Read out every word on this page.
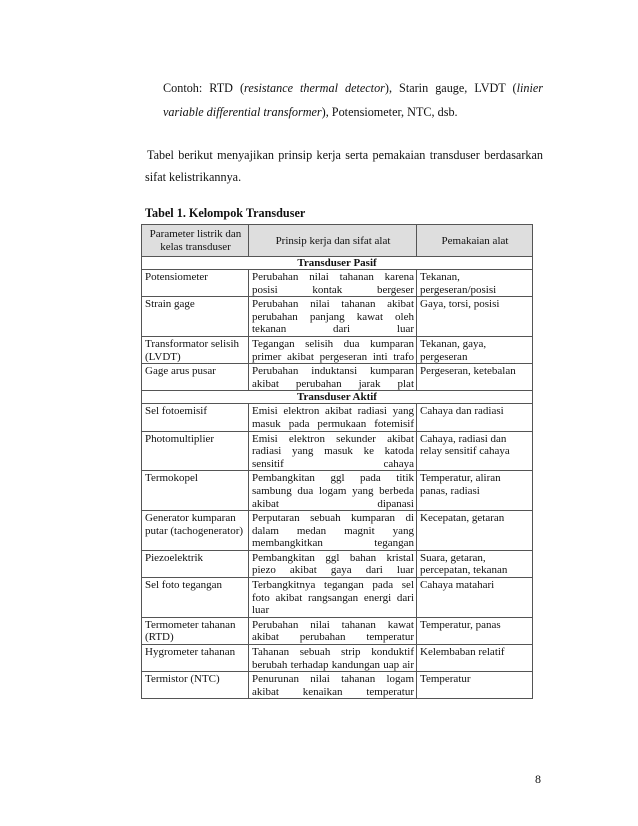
Contoh: RTD (resistance thermal detector), Starin gauge, LVDT (linier
variable differential transformer), Potensiometer, NTC, dsb.
Tabel berikut menyajikan prinsip kerja serta pemakaian transduser berdasarkan
sifat kelistrikannya.
Tabel 1. Kelompok Transduser
Parameter listrik dan kelas transduser	Prinsip kerja dan sifat alat	Pemakaian alat
Transduser Pasif		
Potensiometer	Perubahan nilai tahanan karena posisi kontak bergeser	Tekanan, pergeseran/posisi
Strain gage	Perubahan nilai tahanan akibat perubahan panjang kawat oleh tekanan dari luar	Gaya, torsi, posisi
Transformator selisih (LVDT)	Tegangan selisih dua kumparan primer akibat pergeseran inti trafo	Tekanan, gaya, pergeseran
Gage arus pusar	Perubahan induktansi kumparan akibat perubahan jarak plat	Pergeseran, ketebalan
Transduser Aktif		
Sel fotoemisif	Emisi elektron akibat radiasi yang masuk pada permukaan fotemisif	Cahaya dan radiasi
Photomultiplier	Emisi elektron sekunder akibat radiasi yang masuk ke katoda sensitif cahaya	Cahaya, radiasi dan relay sensitif cahaya
Termokopel	Pembangkitan ggl pada titik sambung dua logam yang berbeda akibat dipanasi	Temperatur, aliran panas, radiasi
Generator kumparan putar (tachogenerator)	Perputaran sebuah kumparan di dalam medan magnit yang membangkitkan tegangan	Kecepatan, getaran
Piezoelektrik	Pembangkitan ggl bahan kristal piezo akibat gaya dari luar	Suara, getaran, percepatan, tekanan
Sel foto tegangan	Terbangkitnya tegangan pada sel foto akibat rangsangan energi dari luar	Cahaya matahari
Termometer tahanan (RTD)	Perubahan nilai tahanan kawat akibat perubahan temperatur	Temperatur, panas
Hygrometer tahanan	Tahanan sebuah strip konduktif berubah terhadap kandungan uap air	Kelembaban relatif
Termistor (NTC)	Penurunan nilai tahanan logam akibat kenaikan temperatur	Temperatur
8
